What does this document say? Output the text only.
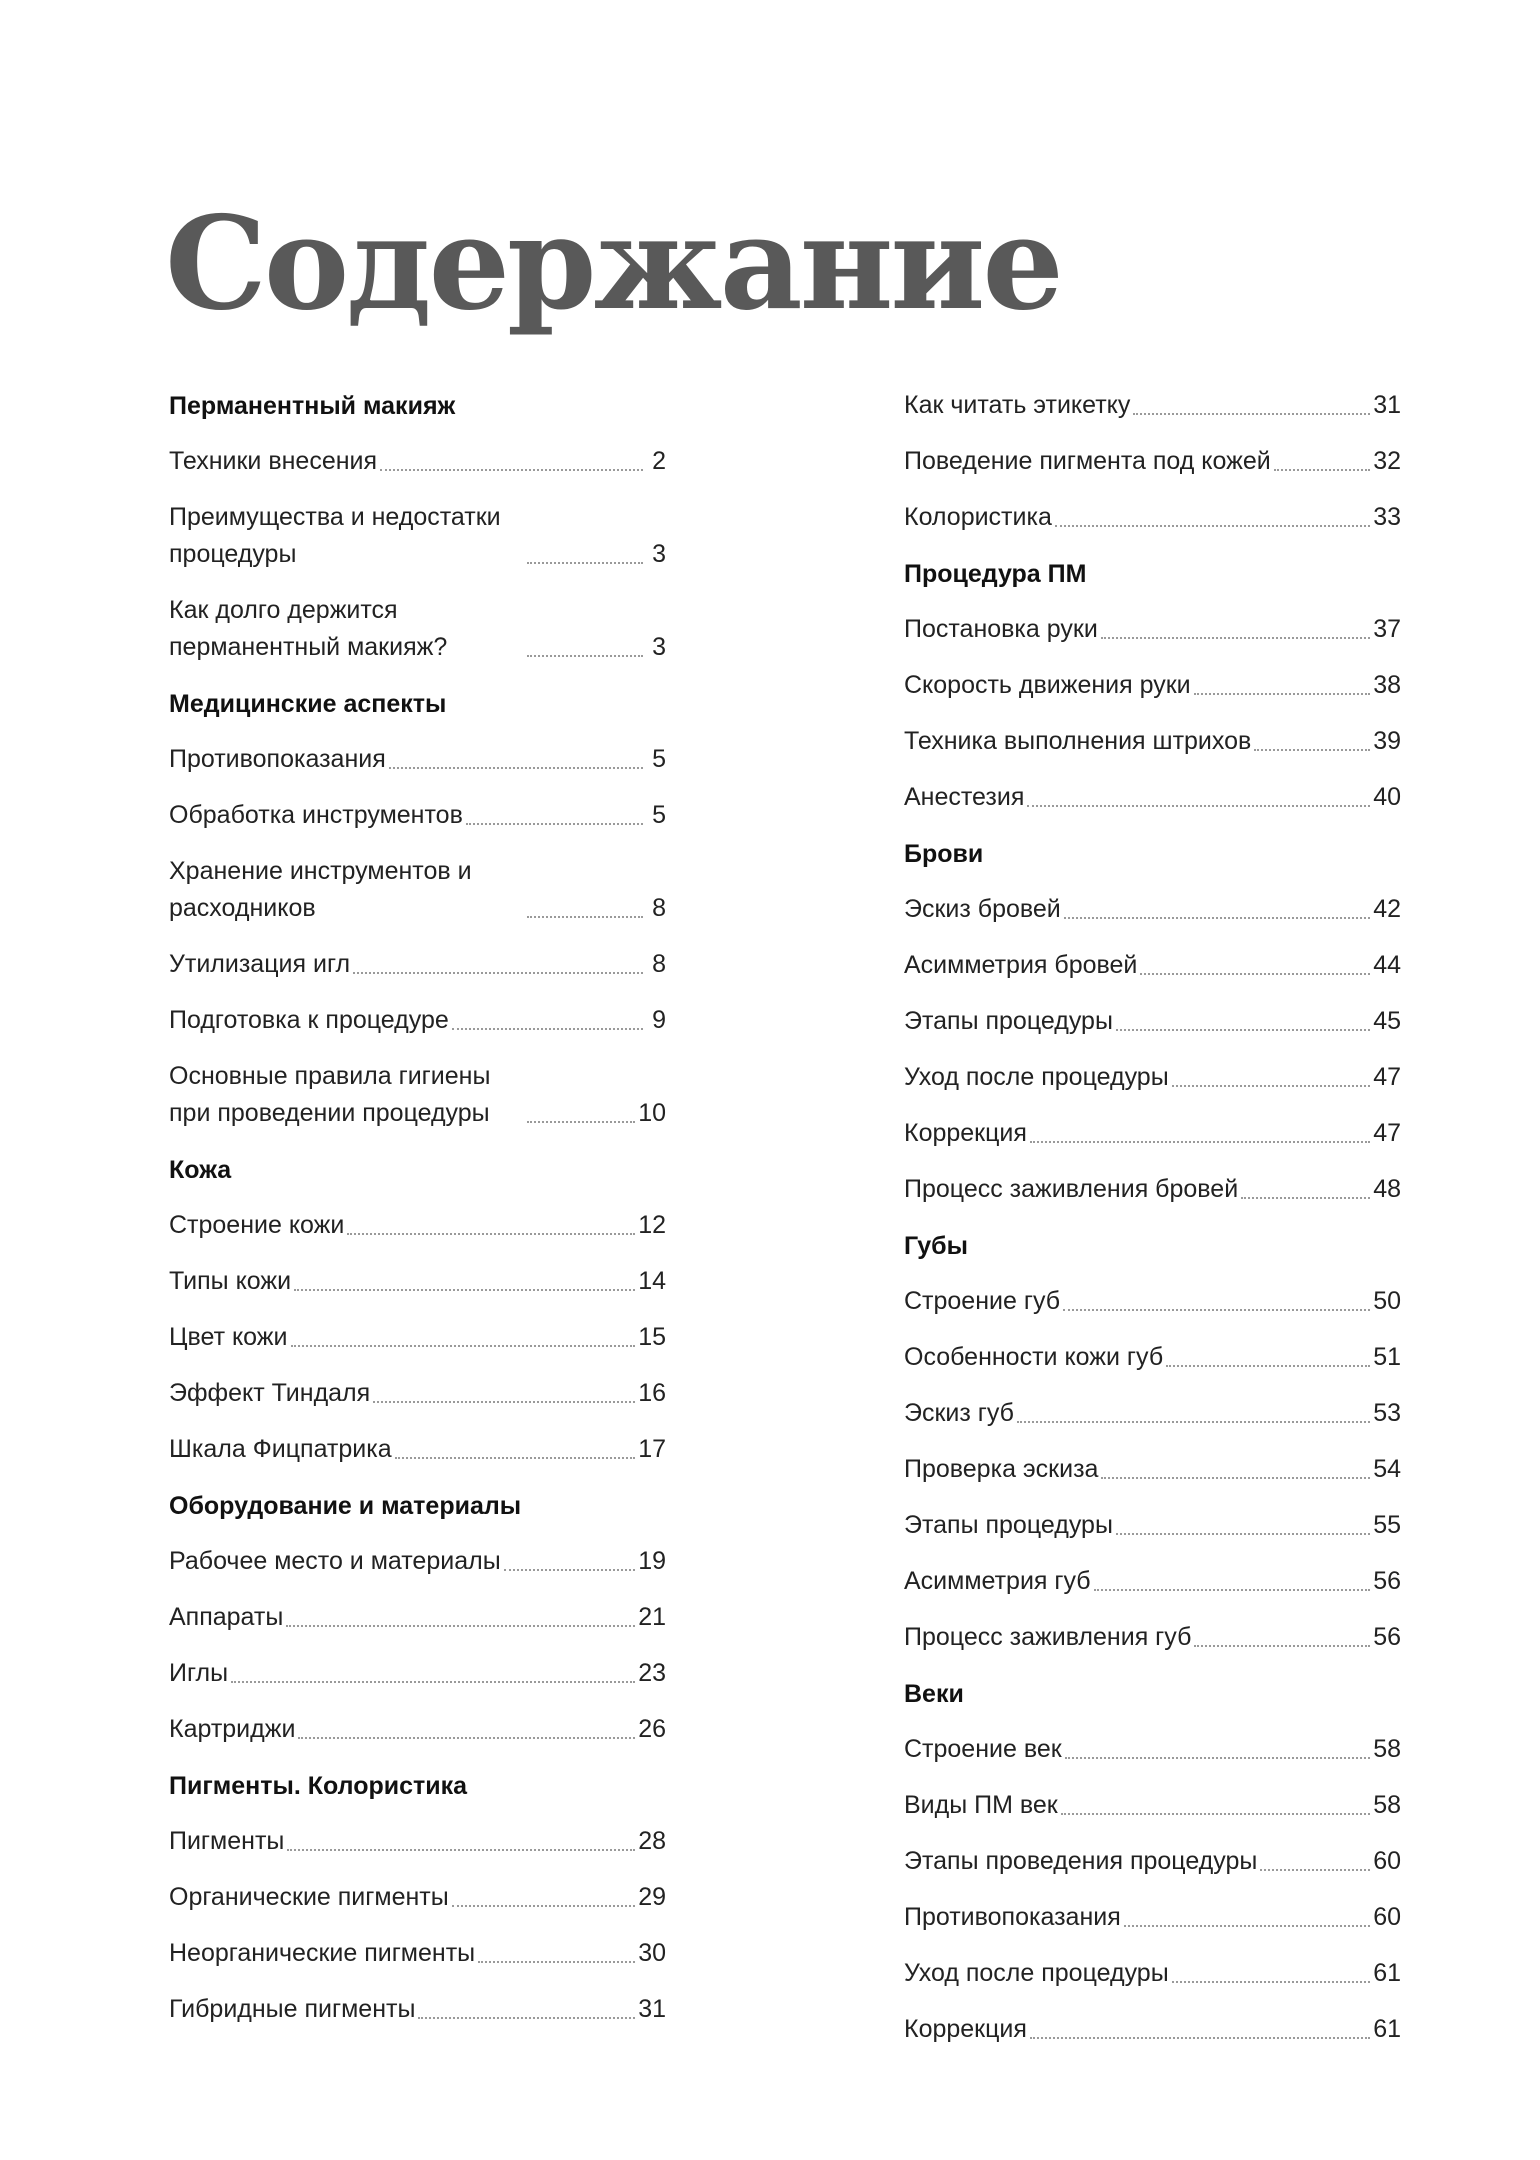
Содержание
Перманентный макияж
Техники внесения	2
Преимущества и недостатки процедуры	3
Как долго держится перманентный макияж?	3
Медицинские аспекты
Противопоказания	5
Обработка инструментов	5
Хранение инструментов и расходников	8
Утилизация игл	8
Подготовка к процедуре	9
Основные правила гигиены при проведении процедуры	10
Кожа
Строение кожи	12
Типы кожи	14
Цвет кожи	15
Эффект Тиндаля	16
Шкала Фицпатрика	17
Оборудование и материалы
Рабочее место и материалы	19
Аппараты	21
Иглы	23
Картриджи	26
Пигменты. Колористика
Пигменты	28
Органические пигменты	29
Неорганические пигменты	30
Гибридные пигменты	31
Как читать этикетку	31
Поведение пигмента под кожей	32
Колористика	33
Процедура ПМ
Постановка руки	37
Скорость движения руки	38
Техника выполнения штрихов	39
Анестезия	40
Брови
Эскиз бровей	42
Асимметрия бровей	44
Этапы процедуры	45
Уход после процедуры	47
Коррекция	47
Процесс заживления бровей	48
Губы
Строение губ	50
Особенности кожи губ	51
Эскиз губ	53
Проверка эскиза	54
Этапы процедуры	55
Асимметрия губ	56
Процесс заживления губ	56
Веки
Строение век	58
Виды ПМ век	58
Этапы проведения процедуры	60
Противопоказания	60
Уход после процедуры	61
Коррекция	61
